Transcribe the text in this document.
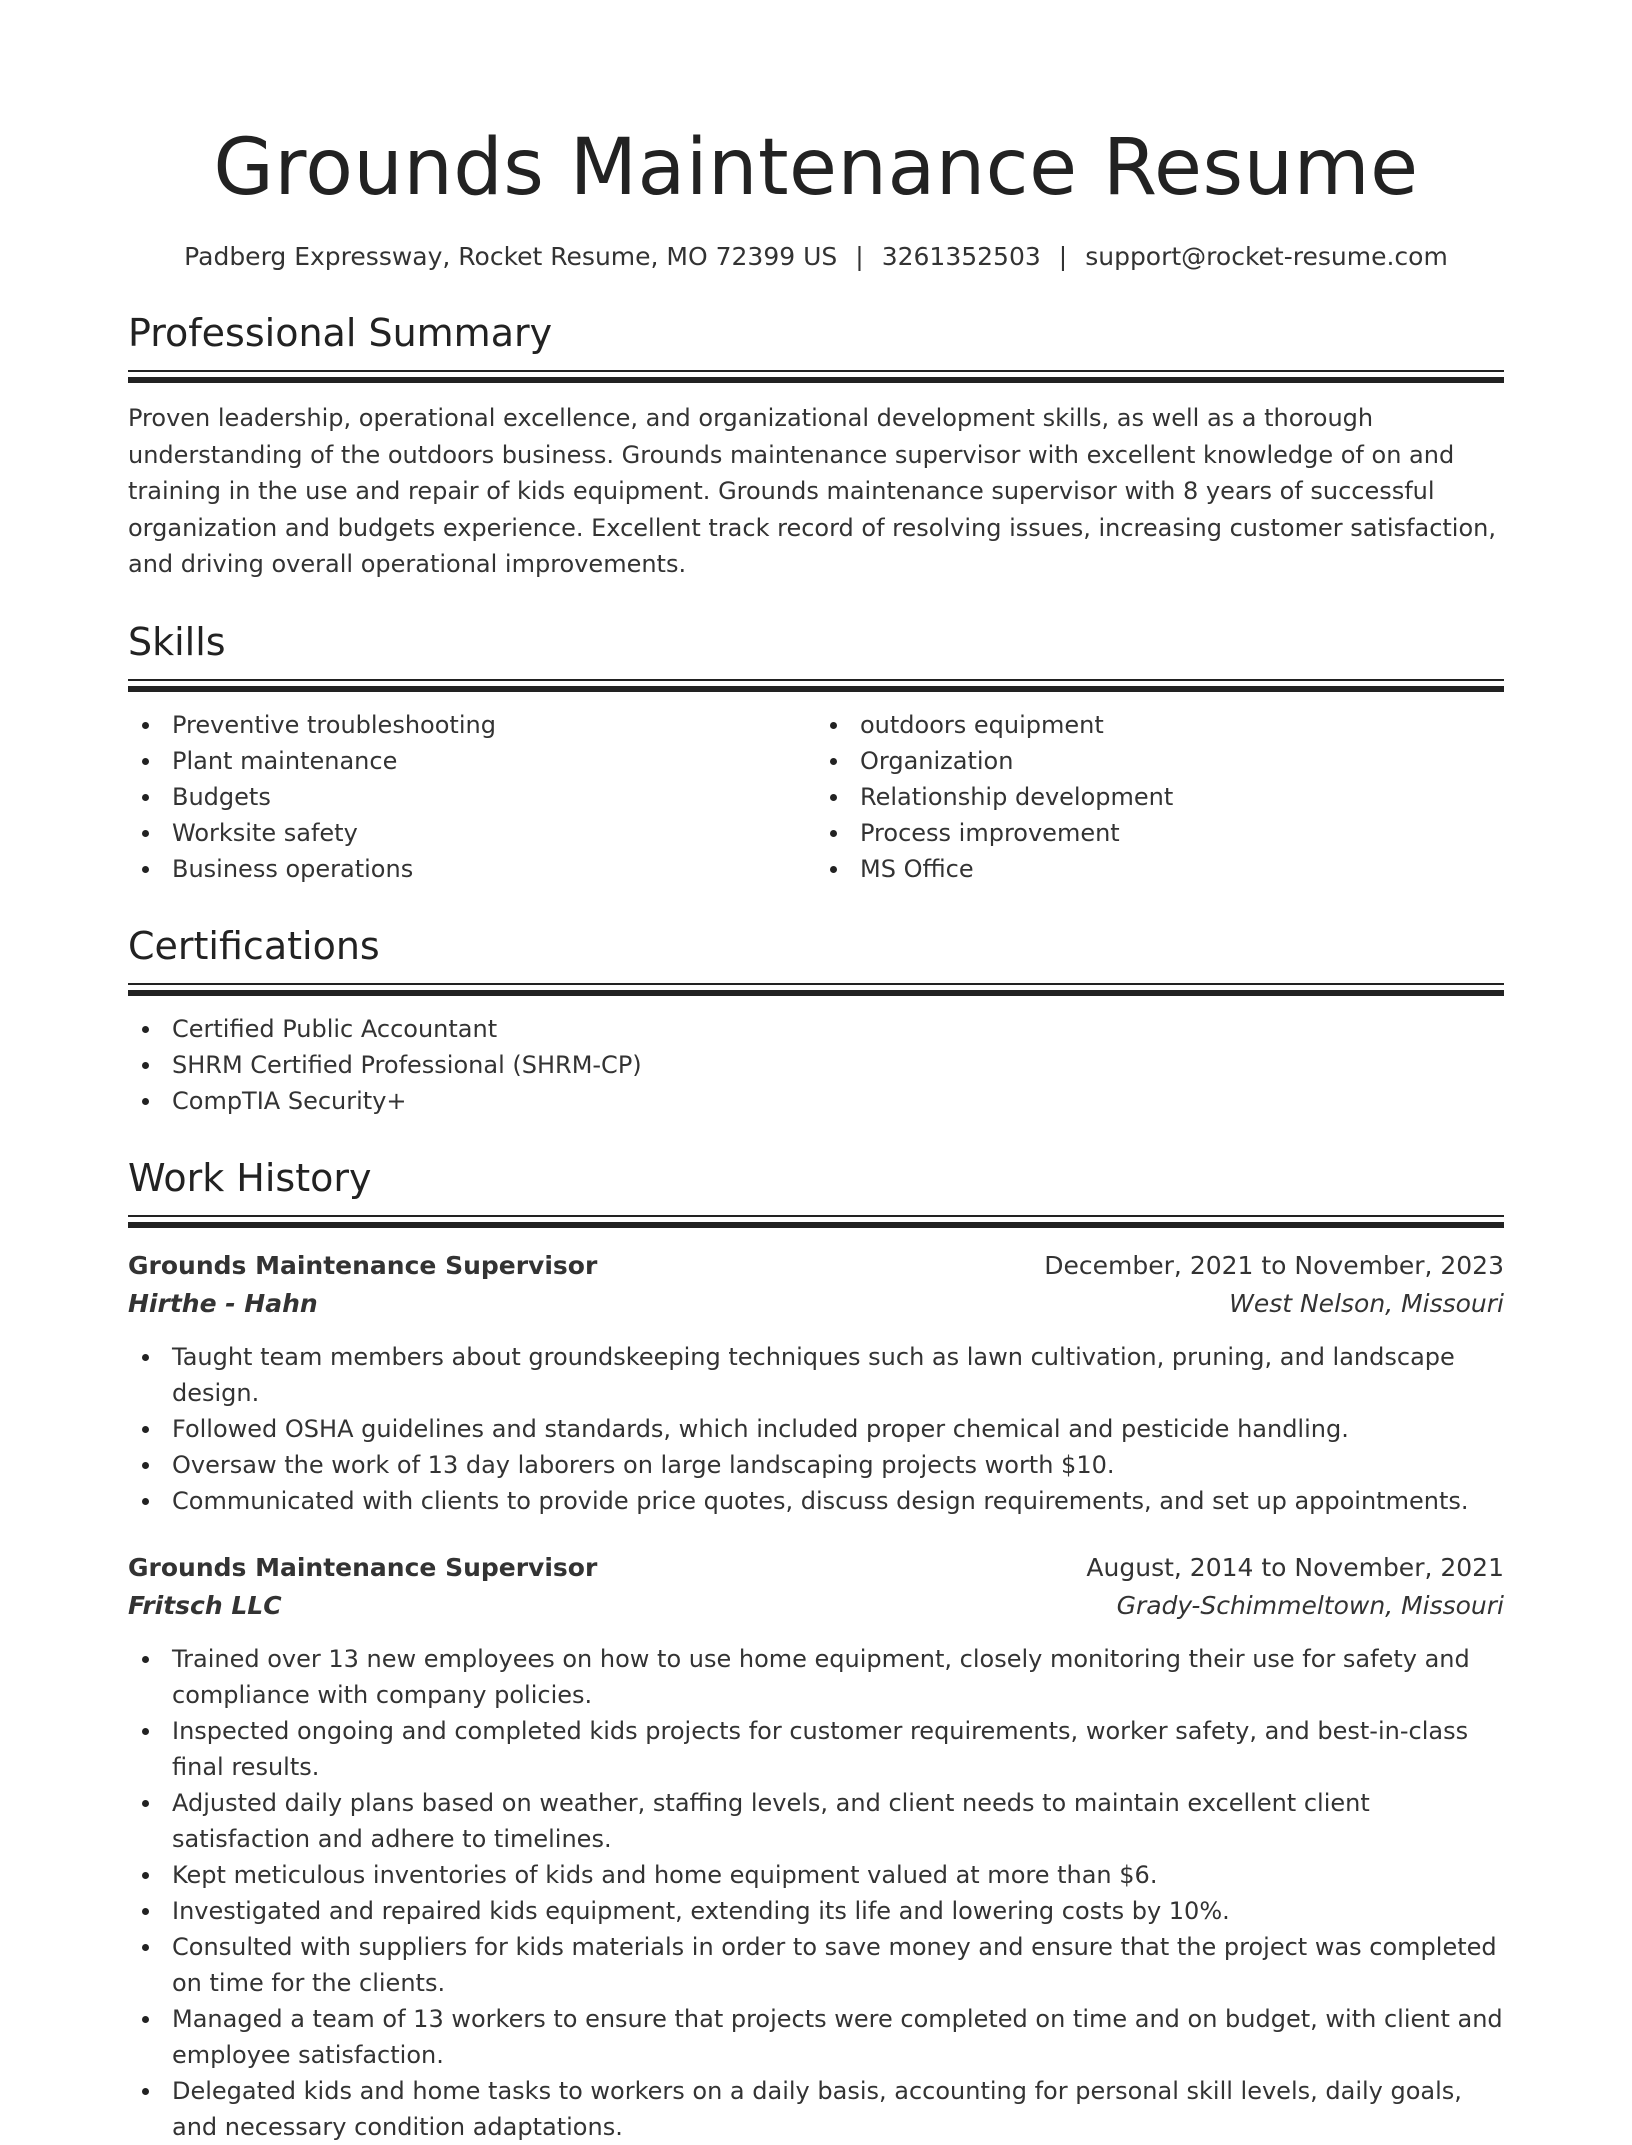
Grounds Maintenance Resume
Padberg Expressway, Rocket Resume, MO 72399 US | 3261352503 | support@rocket-resume.com
Professional Summary
Proven leadership, operational excellence, and organizational development skills, as well as a thorough understanding of the outdoors business. Grounds maintenance supervisor with excellent knowledge of on and training in the use and repair of kids equipment. Grounds maintenance supervisor with 8 years of successful organization and budgets experience. Excellent track record of resolving issues, increasing customer satisfaction, and driving overall operational improvements.
Skills
Preventive troubleshooting
Plant maintenance
Budgets
Worksite safety
Business operations
outdoors equipment
Organization
Relationship development
Process improvement
MS Office
Certifications
Certified Public Accountant
SHRM Certified Professional (SHRM-CP)
CompTIA Security+
Work History
Grounds Maintenance Supervisor	December, 2021 to November, 2023
Hirthe - Hahn	West Nelson, Missouri
Taught team members about groundskeeping techniques such as lawn cultivation, pruning, and landscape design.
Followed OSHA guidelines and standards, which included proper chemical and pesticide handling.
Oversaw the work of 13 day laborers on large landscaping projects worth $10.
Communicated with clients to provide price quotes, discuss design requirements, and set up appointments.
Grounds Maintenance Supervisor	August, 2014 to November, 2021
Fritsch LLC	Grady-Schimmeltown, Missouri
Trained over 13 new employees on how to use home equipment, closely monitoring their use for safety and compliance with company policies.
Inspected ongoing and completed kids projects for customer requirements, worker safety, and best-in-class final results.
Adjusted daily plans based on weather, staffing levels, and client needs to maintain excellent client satisfaction and adhere to timelines.
Kept meticulous inventories of kids and home equipment valued at more than $6.
Investigated and repaired kids equipment, extending its life and lowering costs by 10%.
Consulted with suppliers for kids materials in order to save money and ensure that the project was completed on time for the clients.
Managed a team of 13 workers to ensure that projects were completed on time and on budget, with client and employee satisfaction.
Delegated kids and home tasks to workers on a daily basis, accounting for personal skill levels, daily goals, and necessary condition adaptations.
